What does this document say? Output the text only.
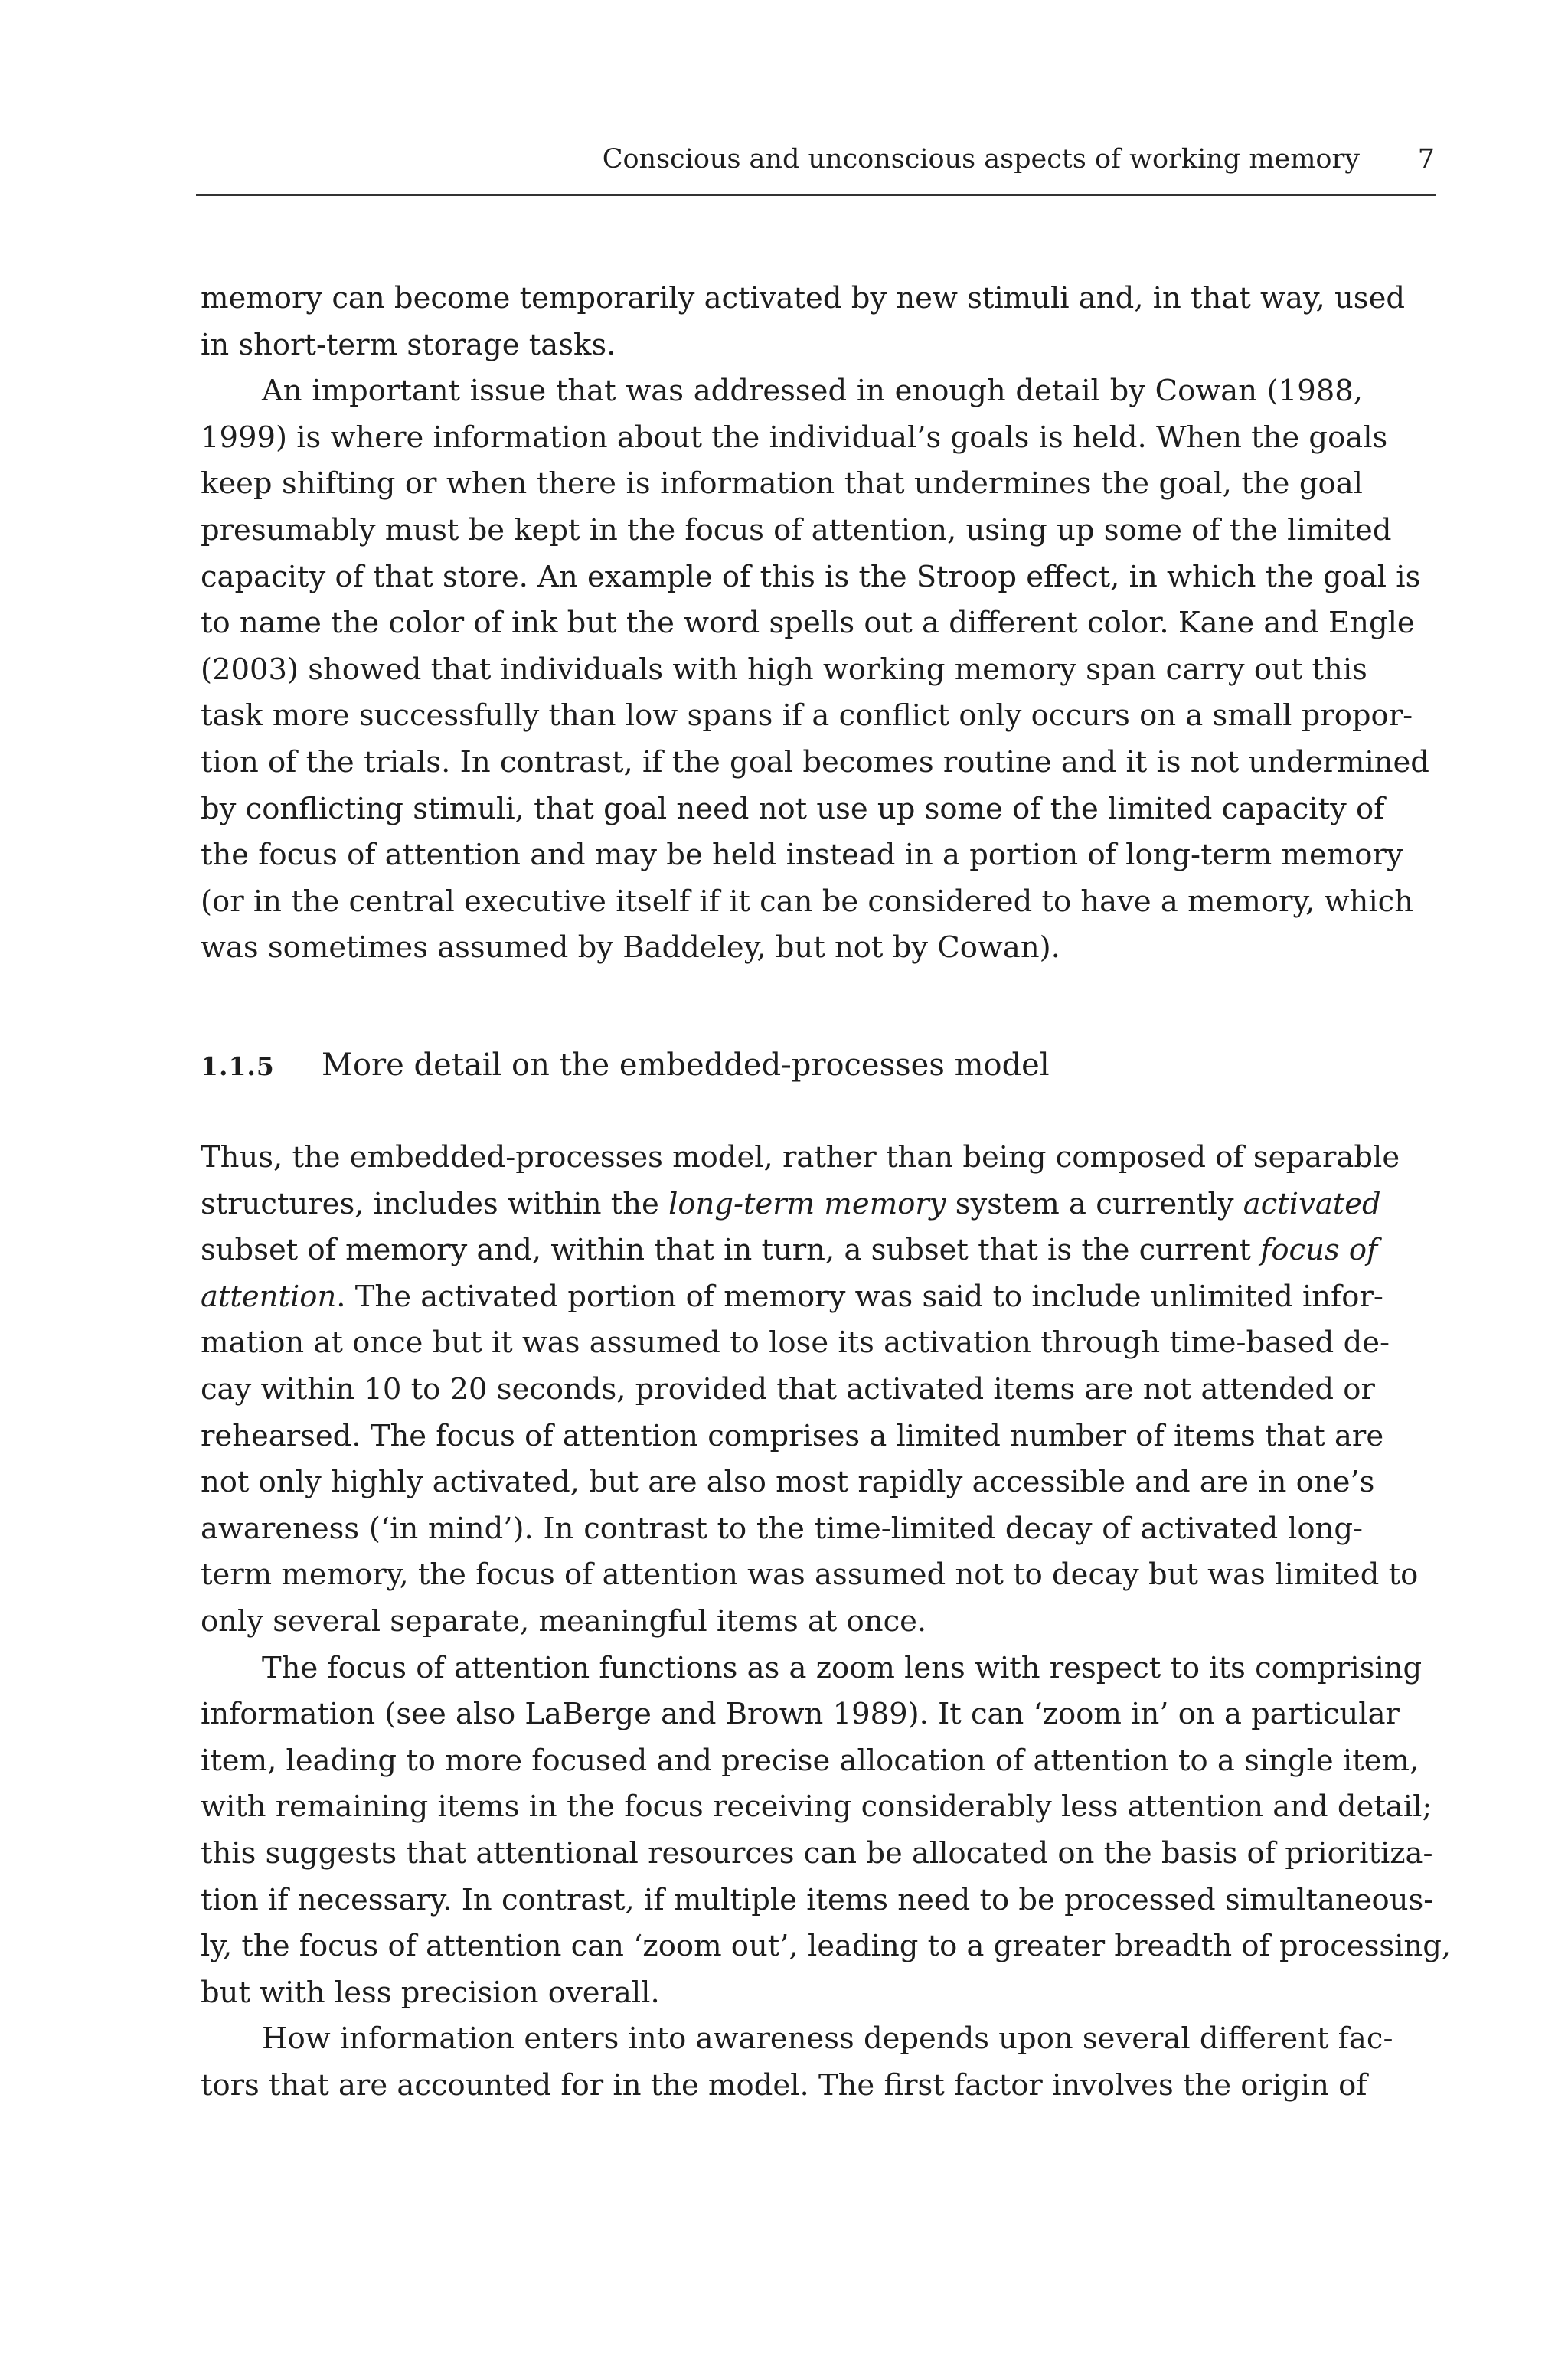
Conscious and unconscious aspects of working memory 7
memory can become temporarily activated by new stimuli and, in that way, used
in short-term storage tasks.
An important issue that was addressed in enough detail by Cowan (1988,
1999) is where information about the individual’s goals is held. When the goals
keep shifting or when there is information that undermines the goal, the goal
presumably must be kept in the focus of attention, using up some of the limited
capacity of that store. An example of this is the Stroop effect, in which the goal is
to name the color of ink but the word spells out a different color. Kane and Engle
(2003) showed that individuals with high working memory span carry out this
task more successfully than low spans if a conflict only occurs on a small propor-
tion of the trials. In contrast, if the goal becomes routine and it is not undermined
by conflicting stimuli, that goal need not use up some of the limited capacity of
the focus of attention and may be held instead in a portion of long-term memory
(or in the central executive itself if it can be considered to have a memory, which
was sometimes assumed by Baddeley, but not by Cowan).
1.1.5 More detail on the embedded-processes model
Thus, the embedded-processes model, rather than being composed of separable
structures, includes within the long-term memory system a currently activated
subset of memory and, within that in turn, a subset that is the current focus of
attention. The activated portion of memory was said to include unlimited infor-
mation at once but it was assumed to lose its activation through time-based de-
cay within 10 to 20 seconds, provided that activated items are not attended or
rehearsed. The focus of attention comprises a limited number of items that are
not only highly activated, but are also most rapidly accessible and are in one’s
awareness (‘in mind’). In contrast to the time-limited decay of activated long-
term memory, the focus of attention was assumed not to decay but was limited to
only several separate, meaningful items at once.
The focus of attention functions as a zoom lens with respect to its comprising
information (see also LaBerge and Brown 1989). It can ‘zoom in’ on a particular
item, leading to more focused and precise allocation of attention to a single item,
with remaining items in the focus receiving considerably less attention and detail;
this suggests that attentional resources can be allocated on the basis of prioritiza-
tion if necessary. In contrast, if multiple items need to be processed simultaneous-
ly, the focus of attention can ‘zoom out’, leading to a greater breadth of processing,
but with less precision overall.
How information enters into awareness depends upon several different fac-
tors that are accounted for in the model. The first factor involves the origin of
